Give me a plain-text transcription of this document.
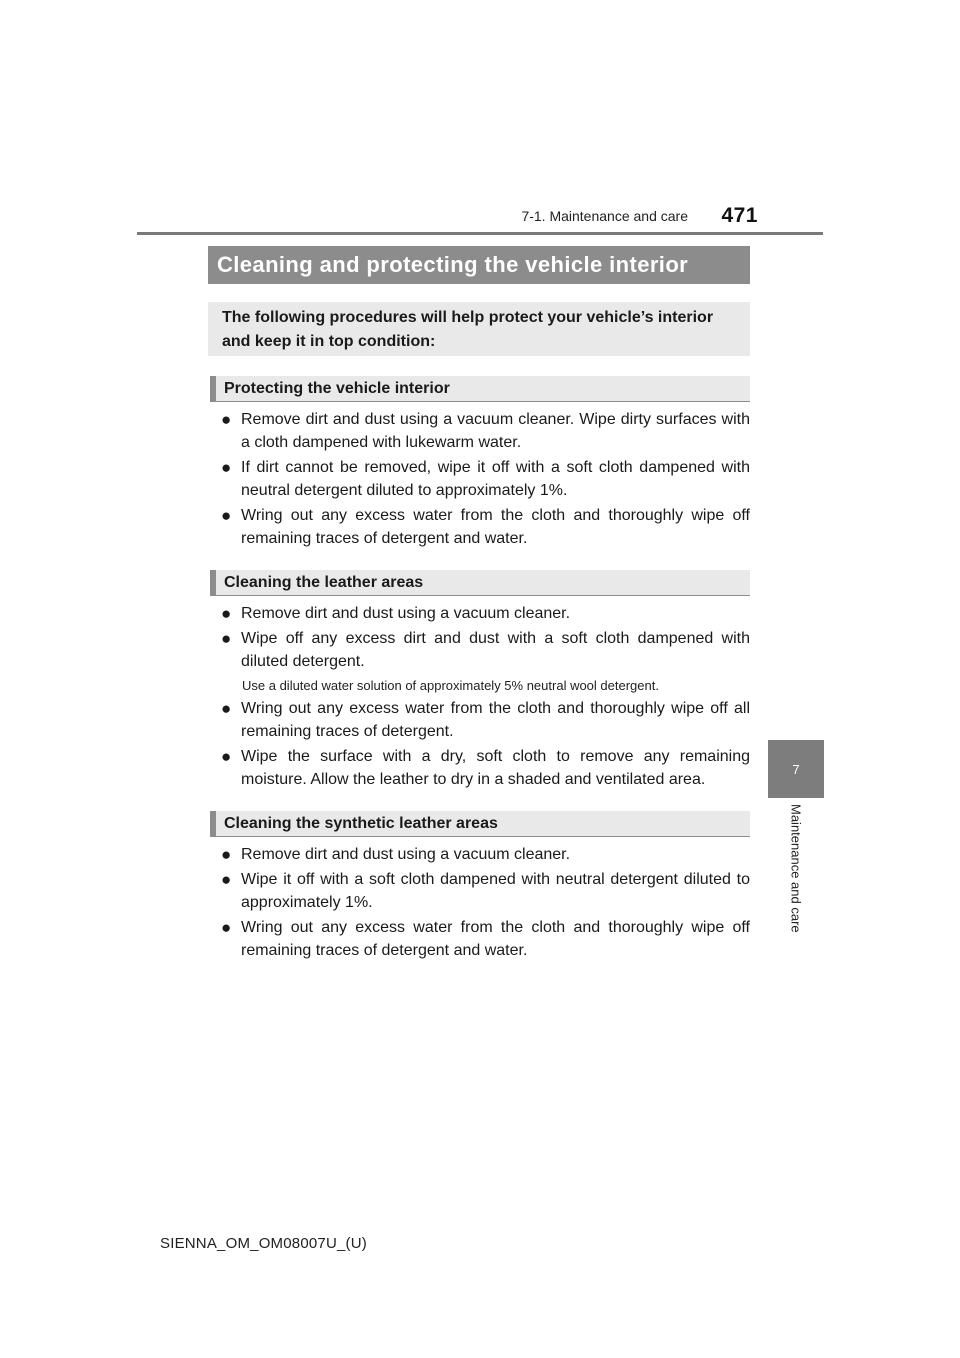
7-1. Maintenance and care	471
7
Maintenance and care
Cleaning and protecting the vehicle interior
The following procedures will help protect your vehicle’s interior and keep it in top condition:
Protecting the vehicle interior
● Remove dirt and dust using a vacuum cleaner. Wipe dirty surfaces with a cloth dampened with lukewarm water.
● If dirt cannot be removed, wipe it off with a soft cloth dampened with neutral detergent diluted to approximately 1%.
● Wring out any excess water from the cloth and thoroughly wipe off remaining traces of detergent and water.
Cleaning the leather areas
● Remove dirt and dust using a vacuum cleaner.
● Wipe off any excess dirt and dust with a soft cloth dampened with diluted detergent.
Use a diluted water solution of approximately 5% neutral wool detergent.
● Wring out any excess water from the cloth and thoroughly wipe off all remaining traces of detergent.
● Wipe the surface with a dry, soft cloth to remove any remaining moisture. Allow the leather to dry in a shaded and ventilated area.
Cleaning the synthetic leather areas
● Remove dirt and dust using a vacuum cleaner.
● Wipe it off with a soft cloth dampened with neutral detergent diluted to approximately 1%.
● Wring out any excess water from the cloth and thoroughly wipe off remaining traces of detergent and water.
SIENNA_OM_OM08007U_(U)
